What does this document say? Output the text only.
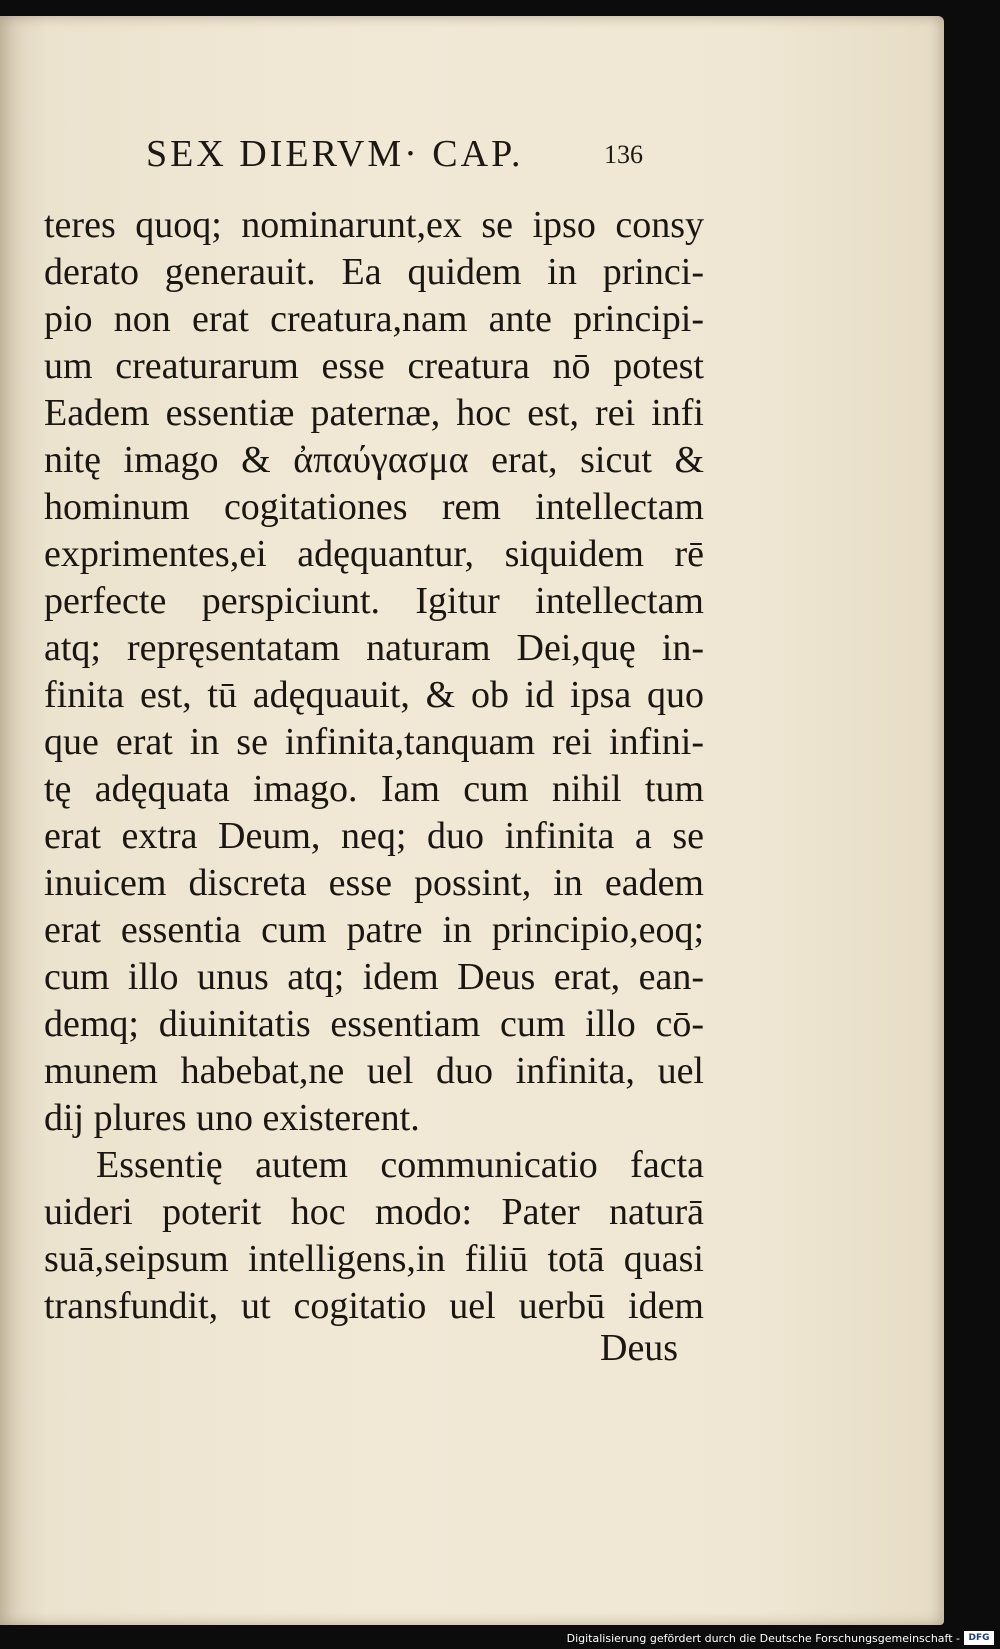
SEX DIERVM· CAP.	136
teres quoq; nominarunt,ex se ipso consy
derato generauit. Ea quidem in princi-
pio non erat creatura,nam ante principi-
um creaturarum esse creatura nō potest
Eadem essentiæ paternæ, hoc est, rei infi
nitę imago & ἀπαύγασμα erat, sicut &
hominum cogitationes rem intellectam
exprimentes,ei adęquantur, siquidem rē
perfecte perspiciunt. Igitur intellectam
atq; repręsentatam naturam Dei,quę in-
finita est, tū adęquauit, & ob id ipsa quo
que erat in se infinita,tanquam rei infini-
tę adęquata imago. Iam cum nihil tum
erat extra Deum, neq; duo infinita a se
inuicem discreta esse possint, in eadem
erat essentia cum patre in principio,eoq;
cum illo unus atq; idem Deus erat, ean-
demq; diuinitatis essentiam cum illo cō-
munem habebat,ne uel duo infinita, uel
dij plures uno existerent.
Essentię autem communicatio facta
uideri poterit hoc modo: Pater naturā
suā,seipsum intelligens,in filiū totā quasi
transfundit, ut cogitatio uel uerbū idem
Deus
Digitalisierung gefördert durch die Deutsche Forschungsgemeinschaft - DFG
